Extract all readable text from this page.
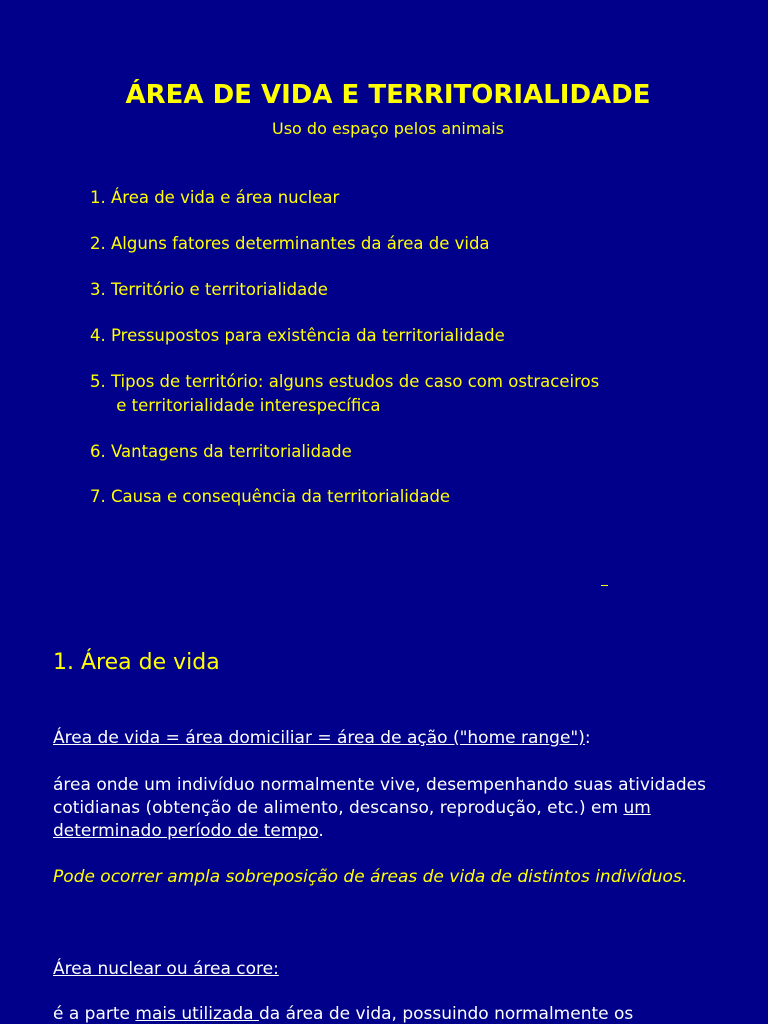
ÁREA DE VIDA E TERRITORIALIDADE
Uso do espaço pelos animais
1. Área de vida e área nuclear
2. Alguns fatores determinantes da área de vida
3. Território e territorialidade
4. Pressupostos para existência da territorialidade
5. Tipos de território: alguns estudos de caso com ostraceiros
e territorialidade interespecífica
6. Vantagens da territorialidade
7. Causa e consequência da territorialidade
1. Área de vida

Área de vida = área domiciliar = área de ação ("home range"):

área onde um indivíduo normalmente vive, desempenhando suas atividades cotidianas (obtenção de alimento, descanso, reprodução, etc.) em um determinado período de tempo.

Pode ocorrer ampla sobreposição de áreas de vida de distintos indivíduos.

Área nuclear ou área core:

é a parte mais utilizada da área de vida, possuindo normalmente os
